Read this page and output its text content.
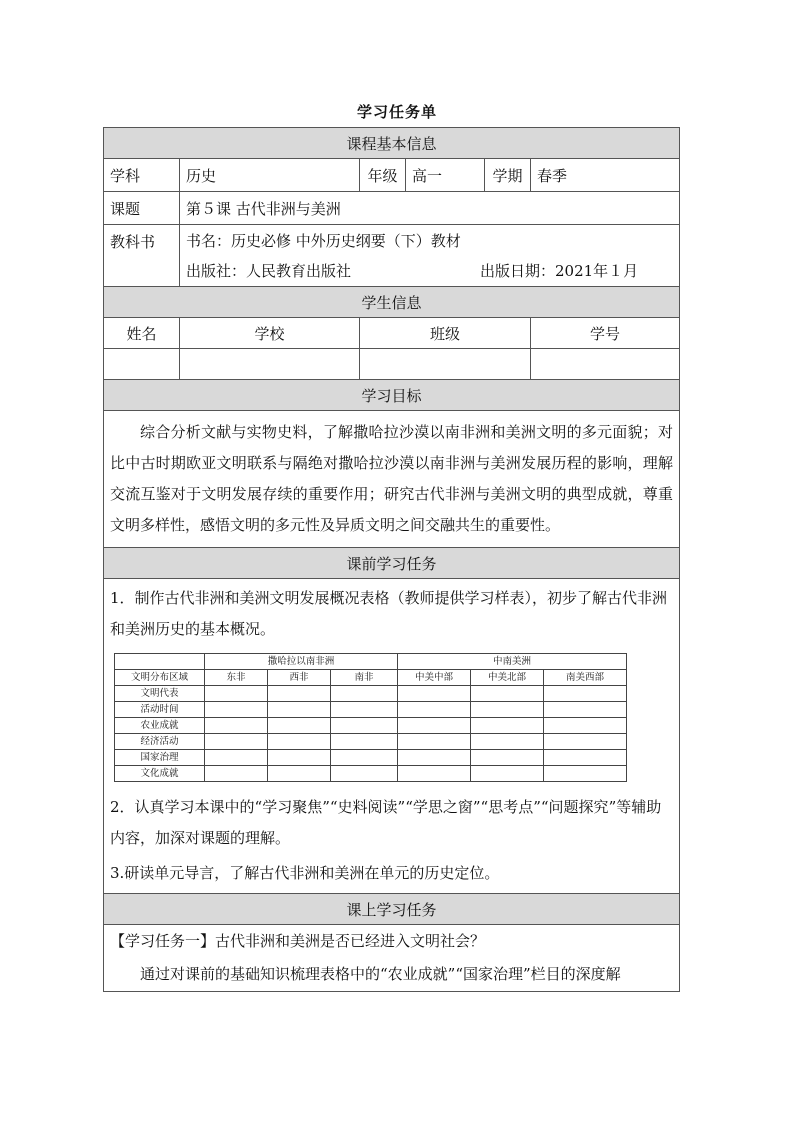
学习任务单
课程基本信息
学科	历史	年级	高一	学期	春季
课题	第５课 古代非洲与美洲
教科书	书名：历史必修 中外历史纲要（下）教材
出版社：人民教育出版社	出版日期：2021年１月

学生信息
姓名	学校	班级	学号

学习目标
综合分析文献与实物史料，了解撒哈拉沙漠以南非洲和美洲文明的多元面貌；对比中古时期欧亚文明联系与隔绝对撒哈拉沙漠以南非洲与美洲发展历程的影响，理解交流互鉴对于文明发展存续的重要作用；研究古代非洲与美洲文明的典型成就，尊重文明多样性，感悟文明的多元性及异质文明之间交融共生的重要性。
课前学习任务

1．制作古代非洲和美洲文明发展概况表格（教师提供学习样表），初步了解古代非洲和美洲历史的基本概况。

	撒哈拉以南非洲	中南美洲
文明分布区域	东非	西非	南非	中美中部	中美北部	南美西部
文明代表						
活动时间						
农业成就						
经济活动						
国家治理						
文化成就						

2．认真学习本课中的“学习聚焦”“史料阅读”“学思之窗”“思考点”“问题探究”等辅助内容，加深对课题的理解。

3.研读单元导言，了解古代非洲和美洲在单元的历史定位。

课上学习任务

【学习任务一】古代非洲和美洲是否已经进入文明社会？

通过对课前的基础知识梳理表格中的“农业成就”“国家治理”栏目的深度解
